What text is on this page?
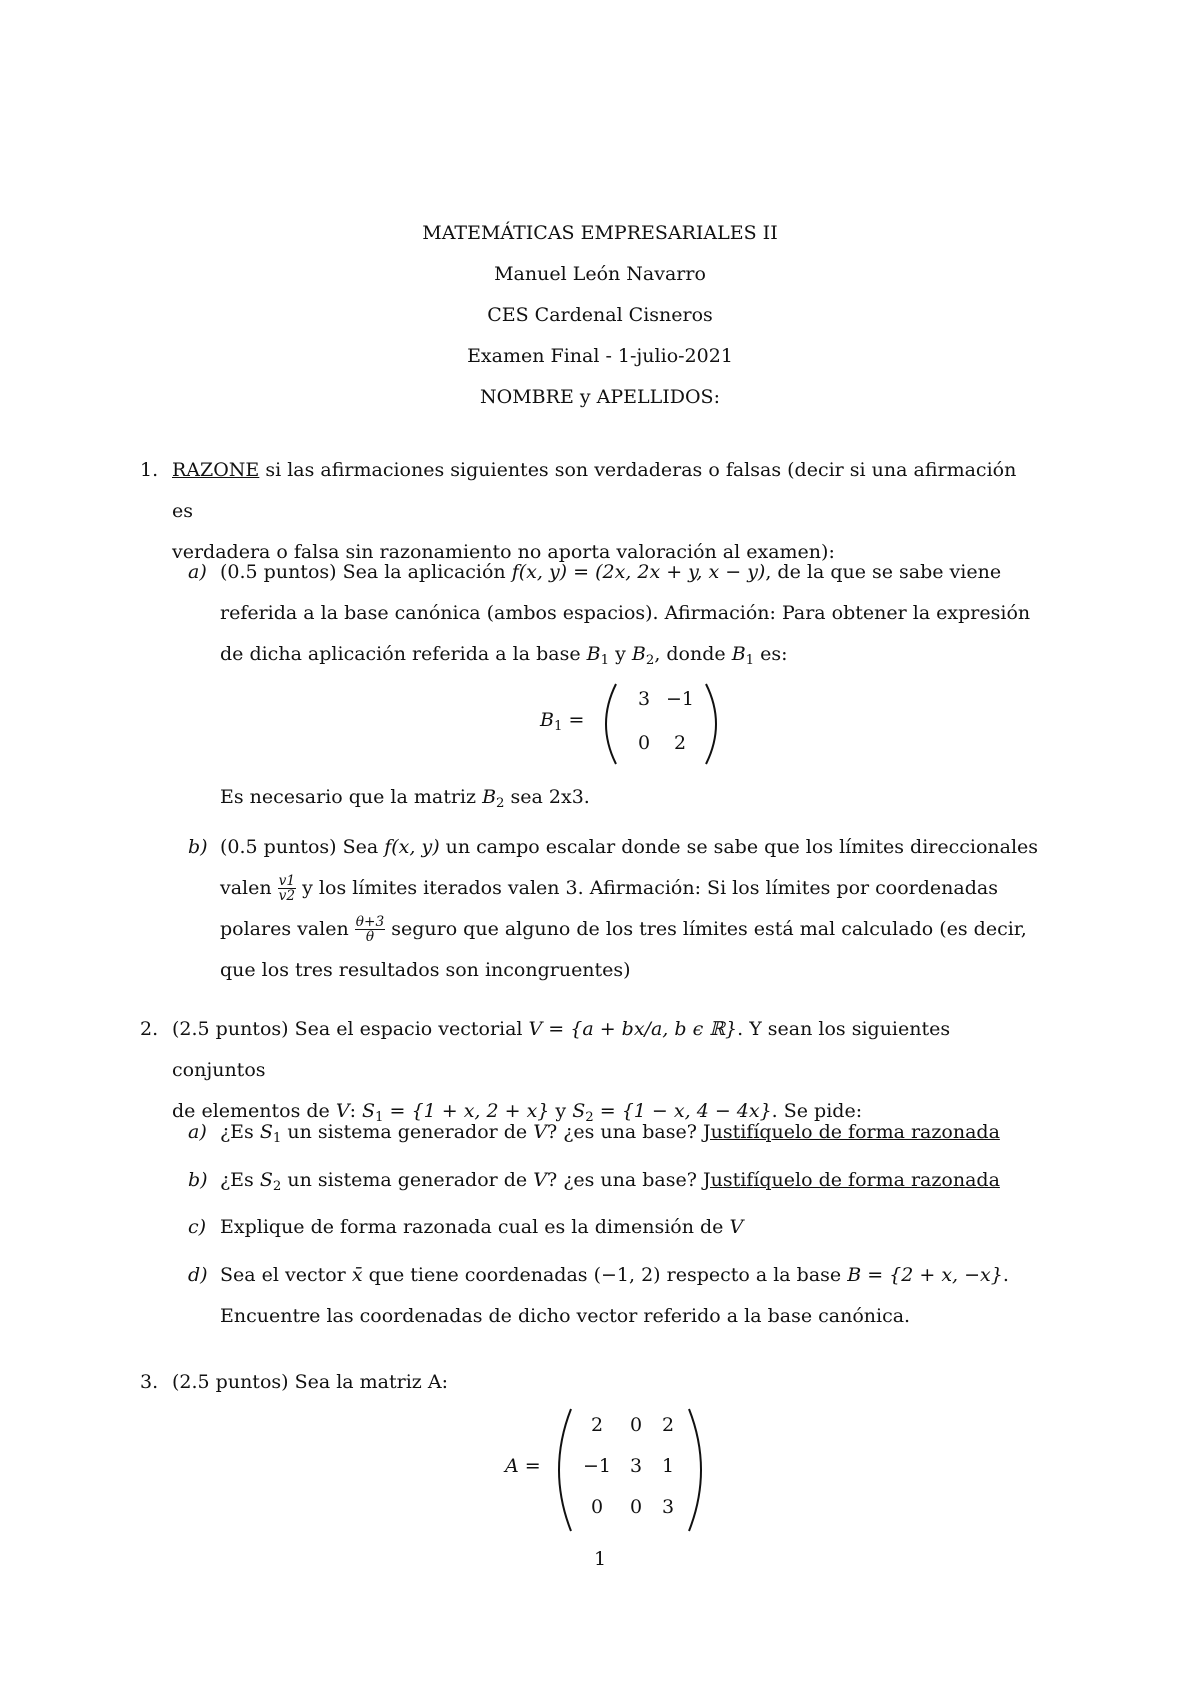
MATEMÁTICAS EMPRESARIALES II
Manuel León Navarro
CES Cardenal Cisneros
Examen Final - 1-julio-2021
NOMBRE y APELLIDOS:
1. RAZONE si las afirmaciones siguientes son verdaderas o falsas (decir si una afirmación es
verdadera o falsa sin razonamiento no aporta valoración al examen):
a) (0.5 puntos) Sea la aplicación f(x, y) = (2x, 2x + y, x − y), de la que se sabe viene
referida a la base canónica (ambos espacios). Afirmación: Para obtener la expresión
de dicha aplicación referida a la base $B_1$ y $B_2$, donde $B_1$ es:
$B_1$ =
3 −1
0	2
Es necesario que la matriz $B_2$ sea 2x3.
b) (0.5 puntos) Sea f(x, y) un campo escalar donde se sabe que los límites direccionales
valen $\frac{v1}{v2}$ y los límites iterados valen 3. Afirmación: Si los límites por coordenadas
polares valen $\frac{\theta+3}{\theta}$ seguro que alguno de los tres límites está mal calculado (es decir,
que los tres resultados son incongruentes)
2. (2.5 puntos) Sea el espacio vectorial V = {a + bx/a, b ϵ ℝ}. Y sean los siguientes conjuntos
de elementos de V: $S_1 = \{1 + x$, 2 + x} y $S_2 = \{1 - x$, 4 − 4x}. Se pide:
a) ¿Es $S_1$ un sistema generador de V? ¿es una base? Justifíquelo de forma razonada
b) ¿Es $S_2$ un sistema generador de V? ¿es una base? Justifíquelo de forma razonada
c) Explique de forma razonada cual es la dimensión de V
d) Sea el vector x̄ que tiene coordenadas (−1, 2) respecto a la base B = {2 + x, −x}.
Encuentre las coordenadas de dicho vector referido a la base canónica.
3. (2.5 puntos) Sea la matriz A:
A =
2	0	2
−1 3	1
0	0	3
1
